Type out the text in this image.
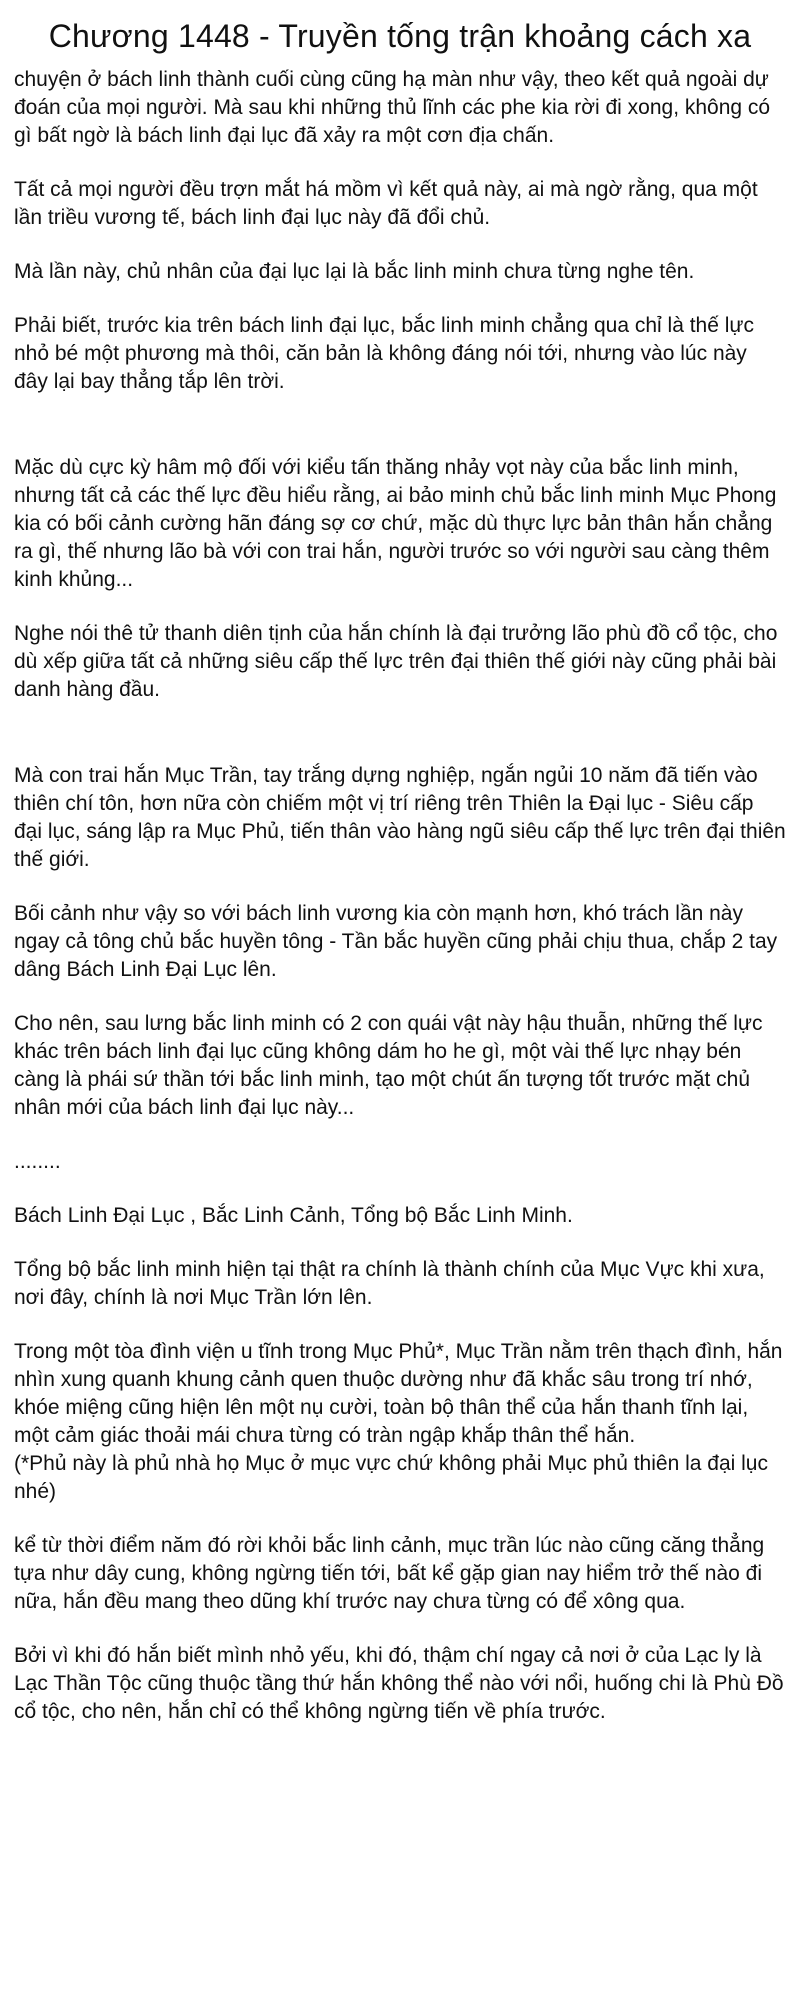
Chương 1448 - Truyền tống trận khoảng cách xa

chuyện ở bách linh thành cuối cùng cũng hạ màn như vậy, theo kết quả ngoài dự đoán của mọi người. Mà sau khi những thủ lĩnh các phe kia rời đi xong, không có gì bất ngờ là bách linh đại lục đã xảy ra một cơn địa chấn.

Tất cả mọi người đều trợn mắt há mồm vì kết quả này, ai mà ngờ rằng, qua một lần triều vương tế, bách linh đại lục này đã đổi chủ.

Mà lần này, chủ nhân của đại lục lại là bắc linh minh chưa từng nghe tên.

Phải biết, trước kia trên bách linh đại lục, bắc linh minh chẳng qua chỉ là thế lực nhỏ bé một phương mà thôi, căn bản là không đáng nói tới, nhưng vào lúc này đây lại bay thẳng tắp lên trời.

Mặc dù cực kỳ hâm mộ đối với kiểu tấn thăng nhảy vọt này của bắc linh minh, nhưng tất cả các thế lực đều hiểu rằng, ai bảo minh chủ bắc linh minh Mục Phong kia có bối cảnh cường hãn đáng sợ cơ chứ, mặc dù thực lực bản thân hắn chẳng ra gì, thế nhưng lão bà với con trai hắn, người trước so với người sau càng thêm kinh khủng...

Nghe nói thê tử thanh diên tịnh của hắn chính là đại trưởng lão phù đồ cổ tộc, cho dù xếp giữa tất cả những siêu cấp thế lực trên đại thiên thế giới này cũng phải bài danh hàng đầu.

Mà con trai hắn Mục Trần, tay trắng dựng nghiệp, ngắn ngủi 10 năm đã tiến vào thiên chí tôn, hơn nữa còn chiếm một vị trí riêng trên Thiên la Đại lục - Siêu cấp đại lục, sáng lập ra Mục Phủ, tiến thân vào hàng ngũ siêu cấp thế lực trên đại thiên thế giới.

Bối cảnh như vậy so với bách linh vương kia còn mạnh hơn, khó trách lần này ngay cả tông chủ bắc huyền tông - Tần bắc huyền cũng phải chịu thua, chắp 2 tay dâng Bách Linh Đại Lục lên.

Cho nên, sau lưng bắc linh minh có 2 con quái vật này hậu thuẫn, những thế lực khác trên bách linh đại lục cũng không dám ho he gì, một vài thế lực nhạy bén càng là phái sứ thần tới bắc linh minh, tạo một chút ấn tượng tốt trước mặt chủ nhân mới của bách linh đại lục này...

........

Bách Linh Đại Lục , Bắc Linh Cảnh, Tổng bộ Bắc Linh Minh.

Tổng bộ bắc linh minh hiện tại thật ra chính là thành chính của Mục Vực khi xưa, nơi đây, chính là nơi Mục Trần lớn lên.

Trong một tòa đình viện u tĩnh trong Mục Phủ*, Mục Trần nằm trên thạch đình, hắn nhìn xung quanh khung cảnh quen thuộc dường như đã khắc sâu trong trí nhớ, khóe miệng cũng hiện lên một nụ cười, toàn bộ thân thể của hắn thanh tĩnh lại, một cảm giác thoải mái chưa từng có tràn ngập khắp thân thể hắn.
(*Phủ này là phủ nhà họ Mục ở mục vực chứ không phải Mục phủ thiên la đại lục nhé)

kể từ thời điểm năm đó rời khỏi bắc linh cảnh, mục trần lúc nào cũng căng thẳng tựa như dây cung, không ngừng tiến tới, bất kể gặp gian nay hiểm trở thế nào đi nữa, hắn đều mang theo dũng khí trước nay chưa từng có để xông qua.

Bởi vì khi đó hắn biết mình nhỏ yếu, khi đó, thậm chí ngay cả nơi ở của Lạc ly là Lạc Thần Tộc cũng thuộc tầng thứ hắn không thể nào với nổi, huống chi là Phù Đồ cổ tộc, cho nên, hắn chỉ có thể không ngừng tiến về phía trước.
